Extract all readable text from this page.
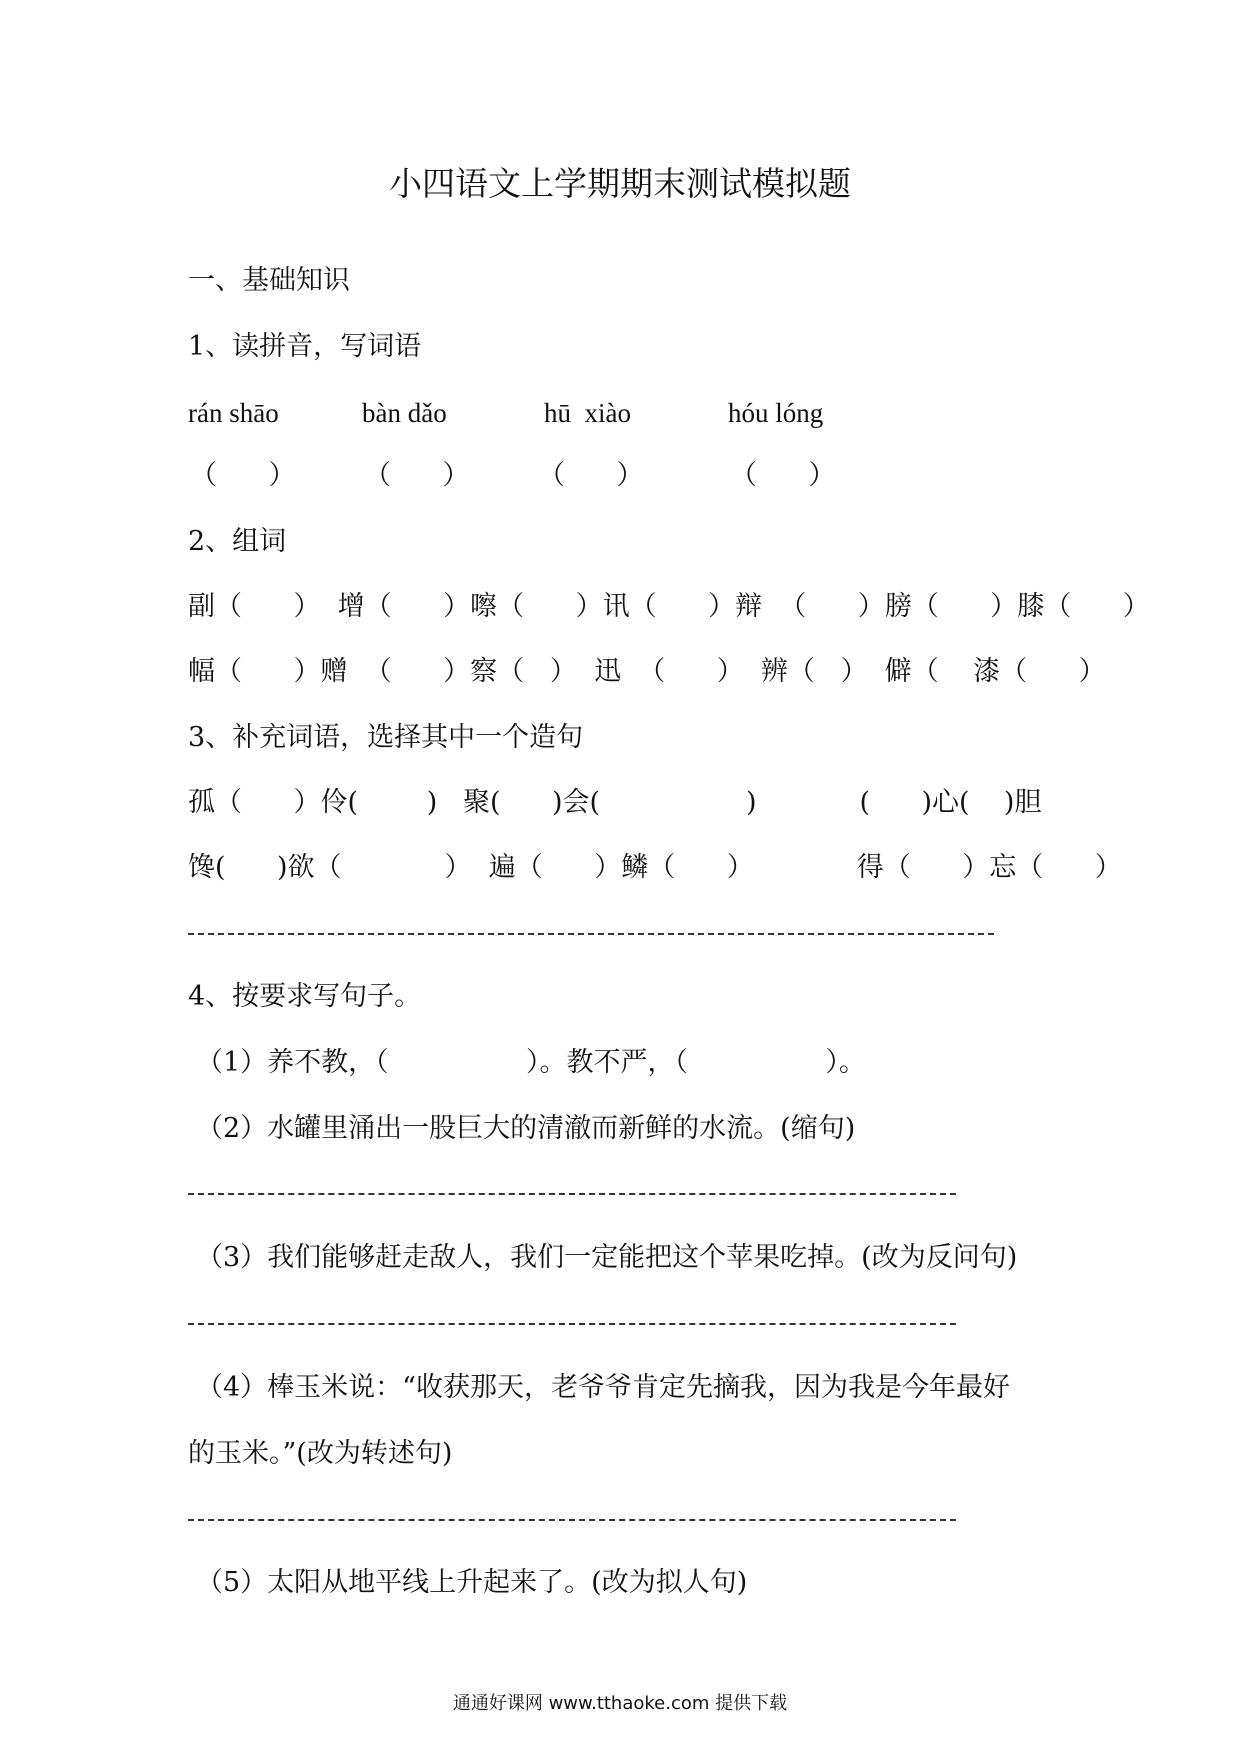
小四语文上学期期末测试模拟题
一、基础知识
1、读拼音，写词语
rán shāo	bàn dǎo	hū  xiào	hóu lóng
（      ）	（      ）	（      ）	（      ）
2、组词
副（      ）  增（      ）嚓（      ）讯（      ）辩  （      ）膀（      ）膝（      ）
幅（      ）赠  （      ）察（   ）  迅  （      ）  辨（   ）  僻（    漆（      ）
3、补充词语，选择其中一个造句
孤（      ）伶(        )   聚(      )会(                 )            (      )心(    )胆
馋(      )欲（            ）  遍（      ）鳞（      ）            得（      ）忘（      ）
4、按要求写句子。
（1）养不教，（                ）。教不严，（                ）。
（2）水罐里涌出一股巨大的清澈而新鲜的水流。(缩句)
（3）我们能够赶走敌人，我们一定能把这个苹果吃掉。(改为反问句)
（4）棒玉米说：“收获那天，老爷爷肯定先摘我，因为我是今年最好
的玉米。”(改为转述句)
（5）太阳从地平线上升起来了。(改为拟人句)
通通好课网 www.tthaoke.com 提供下载
